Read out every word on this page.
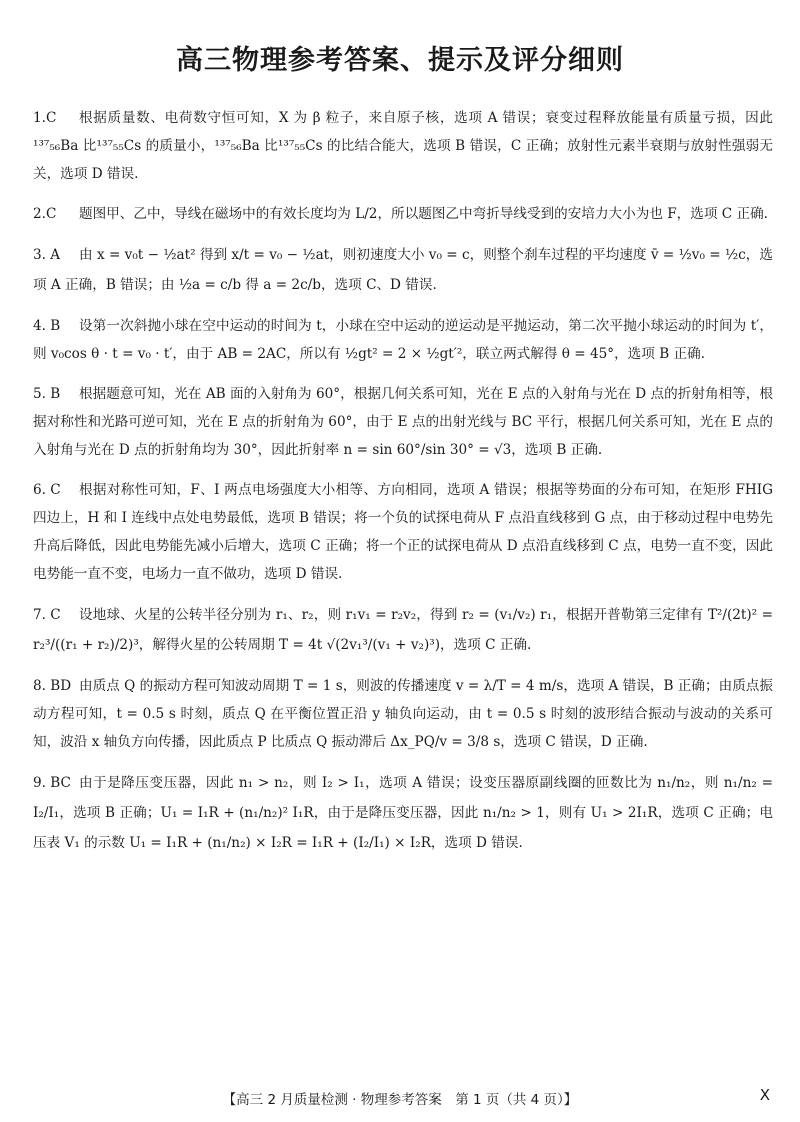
高三物理参考答案、提示及评分细则
1.C	根据质量数、电荷数守恒可知，X 为 β 粒子，来自原子核，选项 A 错误；衰变过程释放能量有质量亏损，因此¹³⁷₅₆Ba 比¹³⁷₅₅Cs 的质量小，¹³⁷₅₆Ba 比¹³⁷₅₅Cs 的比结合能大，选项 B 错误，C 正确；放射性元素半衰期与放射性强弱无关，选项 D 错误.
2.C	题图甲、乙中，导线在磁场中的有效长度均为 L/2，所以题图乙中弯折导线受到的安培力大小为也 F，选项 C 正确.
3. A	由 x = v₀t − ½at² 得到 x/t = v₀ − ½at，则初速度大小 v₀ = c，则整个刹车过程的平均速度 v̄ = ½v₀ = ½c，选项 A 正确，B 错误；由 ½a = c/b 得 a = 2c/b，选项 C、D 错误.
4. B	设第一次斜抛小球在空中运动的时间为 t，小球在空中运动的逆运动是平抛运动，第二次平抛小球运动的时间为 t′，则 v₀cos θ · t = v₀ · t′，由于 AB = 2AC，所以有 ½gt² = 2 × ½gt′²，联立两式解得 θ = 45°，选项 B 正确.
5. B	根据题意可知，光在 AB 面的入射角为 60°，根据几何关系可知，光在 E 点的入射角与光在 D 点的折射角相等，根据对称性和光路可逆可知，光在 E 点的折射角为 60°，由于 E 点的出射光线与 BC 平行，根据几何关系可知，光在 E 点的入射角与光在 D 点的折射角均为 30°，因此折射率 n = sin 60°/sin 30° = √3，选项 B 正确.
6. C	根据对称性可知，F、I 两点电场强度大小相等、方向相同，选项 A 错误；根据等势面的分布可知，在矩形 FHIG 四边上，H 和 I 连线中点处电势最低，选项 B 错误；将一个负的试探电荷从 F 点沿直线移到 G 点，由于移动过程中电势先升高后降低，因此电势能先减小后增大，选项 C 正确；将一个正的试探电荷从 D 点沿直线移到 C 点，电势一直不变，因此电势能一直不变，电场力一直不做功，选项 D 错误.
7. C	设地球、火星的公转半径分别为 r₁、r₂，则 r₁v₁ = r₂v₂，得到 r₂ = (v₁/v₂) r₁，根据开普勒第三定律有 T²/(2t)² = r₂³/((r₁ + r₂)/2)³，解得火星的公转周期 T = 4t √(2v₁³/(v₁ + v₂)³)，选项 C 正确.
8. BD 由质点 Q 的振动方程可知波动周期 T = 1 s，则波的传播速度 v = λ/T = 4 m/s，选项 A 错误，B 正确；由质点振动方程可知，t = 0.5 s 时刻，质点 Q 在平衡位置正沿 y 轴负向运动，由 t = 0.5 s 时刻的波形结合振动与波动的关系可知，波沿 x 轴负方向传播，因此质点 P 比质点 Q 振动滞后 Δx_PQ/v = 3/8 s，选项 C 错误，D 正确.
9. BC 由于是降压变压器，因此 n₁ > n₂，则 I₂ > I₁，选项 A 错误；设变压器原副线圈的匝数比为 n₁/n₂，则 n₁/n₂ = I₂/I₁，选项 B 正确；U₁ = I₁R + (n₁/n₂)² I₁R，由于是降压变压器，因此 n₁/n₂ > 1，则有 U₁ > 2I₁R，选项 C 正确；电压表 V₁ 的示数 U₁ = I₁R + (n₁/n₂) × I₂R = I₁R + (I₂/I₁) × I₂R，选项 D 错误.
【高三 2 月质量检测 · 物理参考答案　第 1 页（共 4 页）】	X
